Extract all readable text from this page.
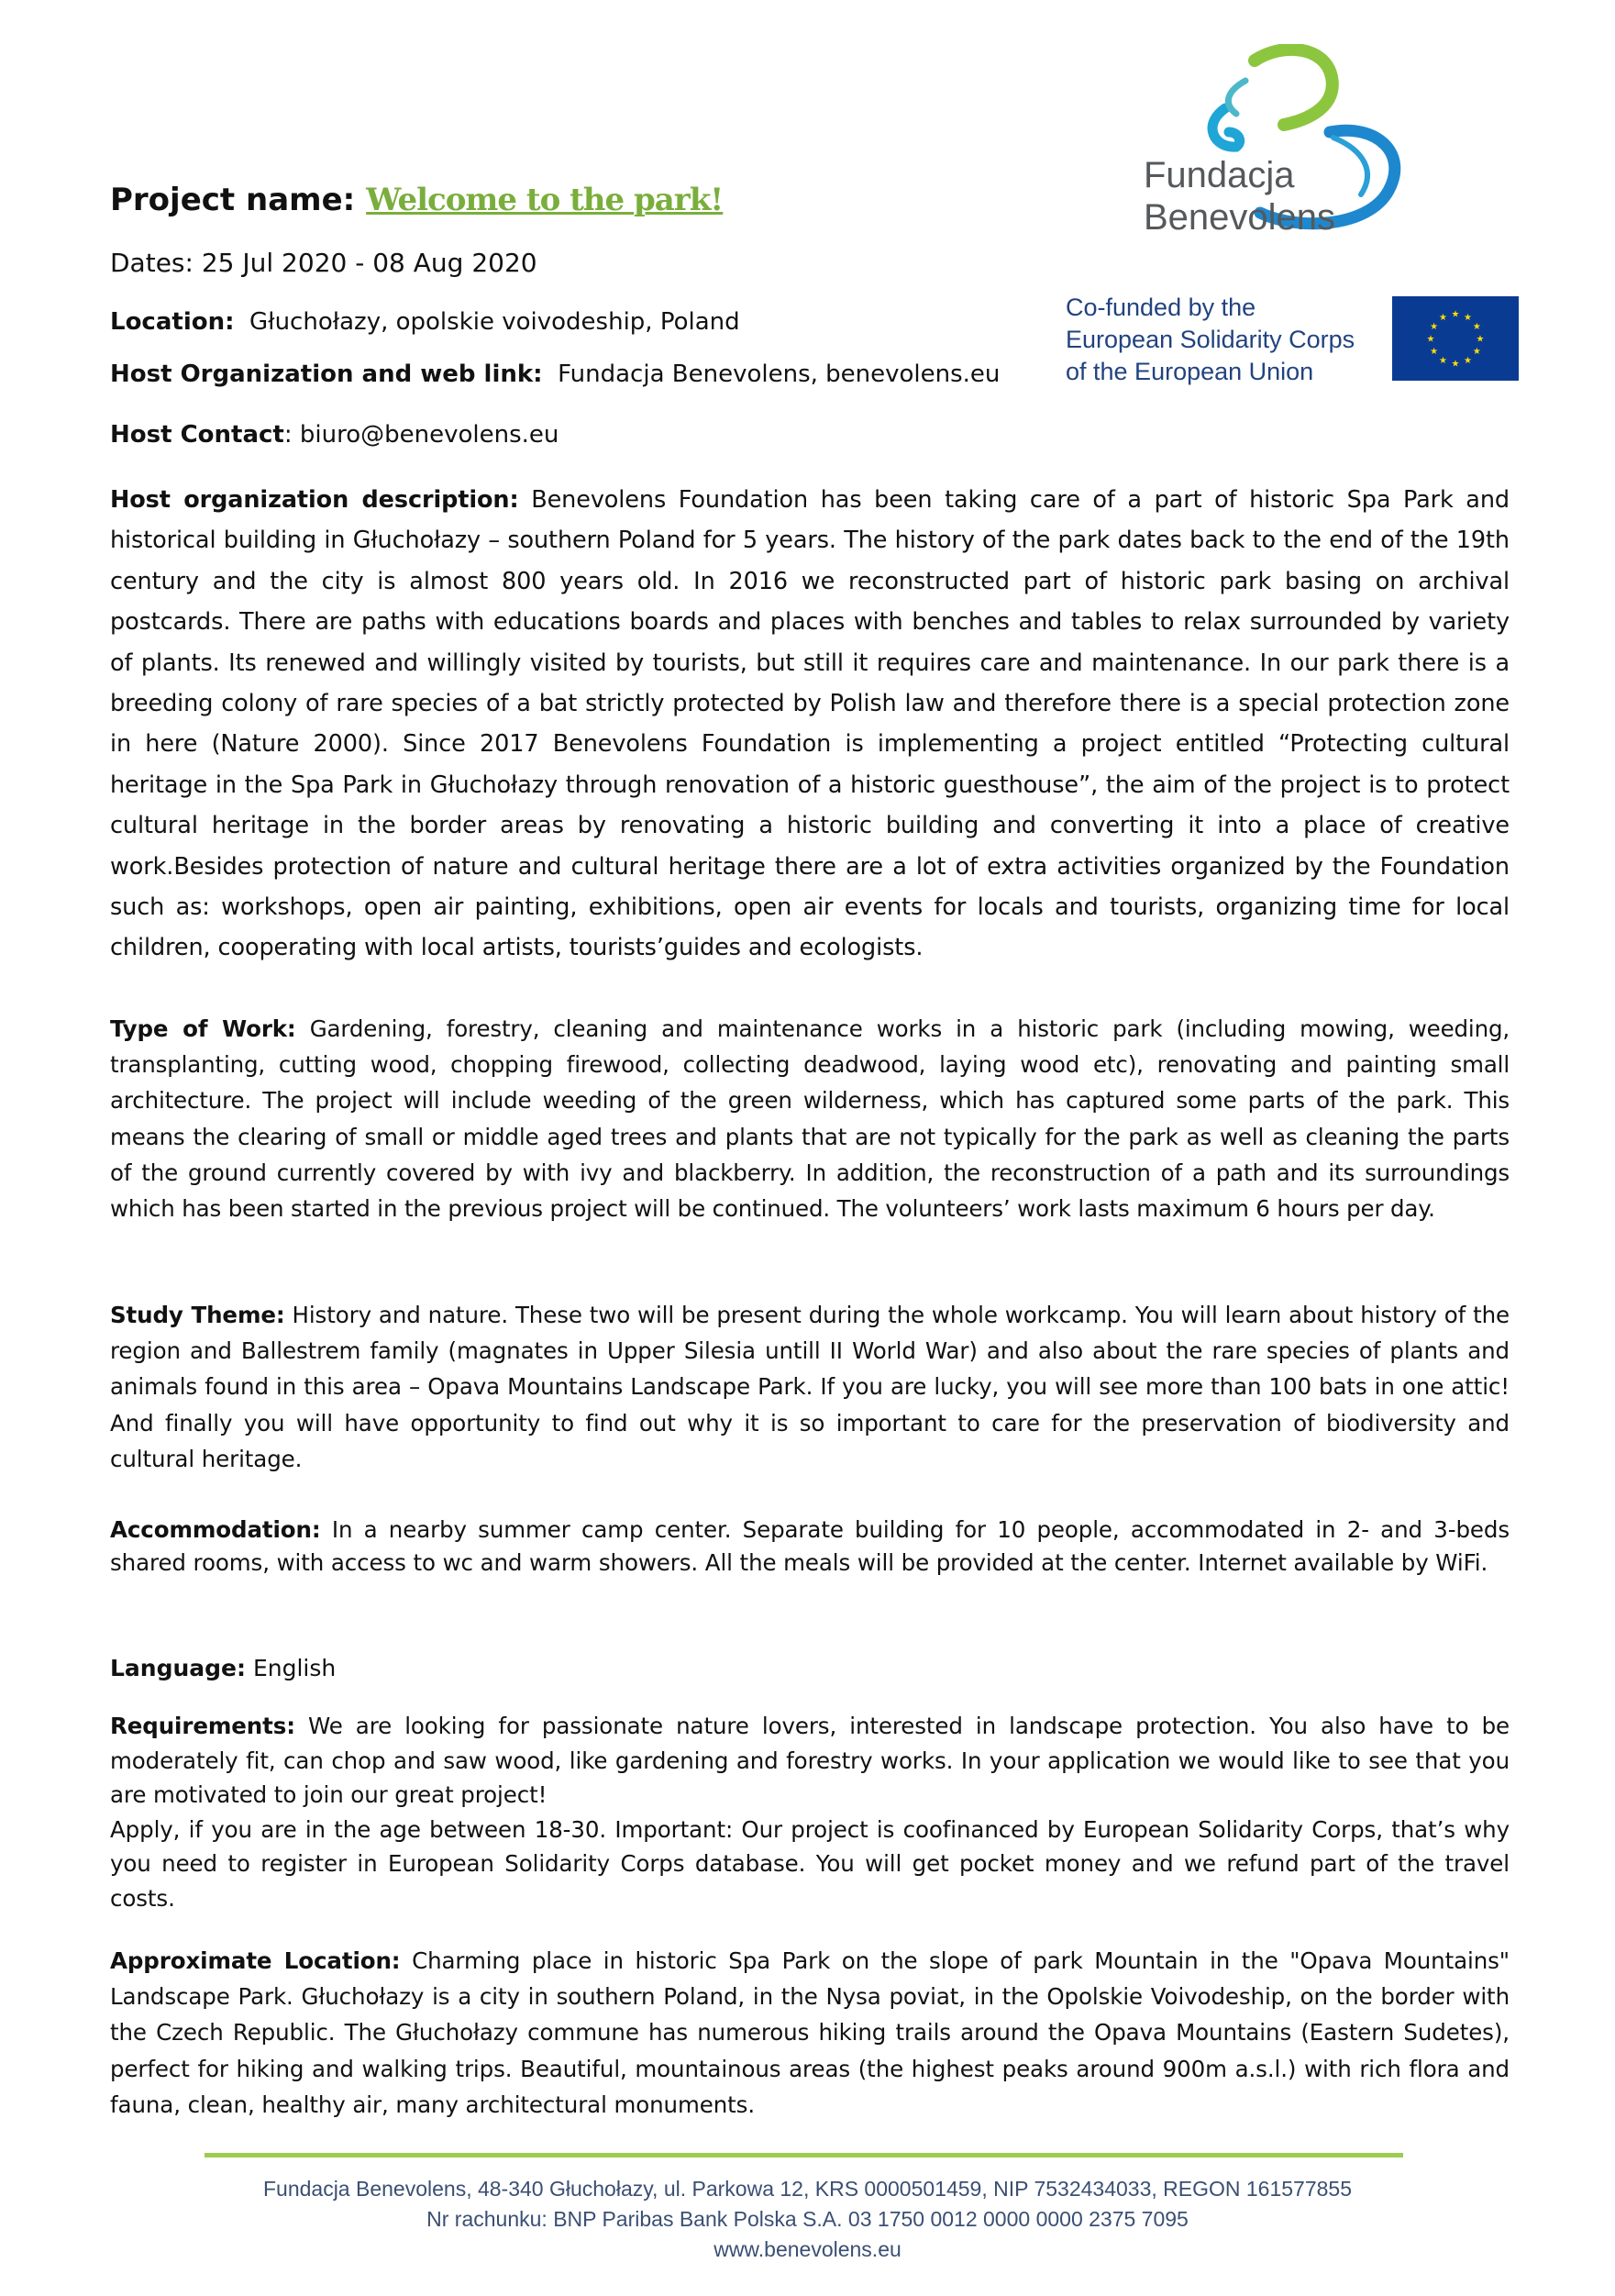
Fundacja
Benevolens
Co-funded by the
European Solidarity Corps
of the European Union
★ ★
★
★
★
★
★
★
★
★
★
★
Project name: Welcome to the park!
Dates: 25 Jul 2020 - 08 Aug 2020
Location: Głuchołazy, opolskie voivodeship, Poland
Host Organization and web link: Fundacja Benevolens, benevolens.eu
Host Contact: biuro@benevolens.eu

Host organization description: Benevolens Foundation has been taking care of a part of historic Spa Park and historical building in Głuchołazy – southern Poland for 5 years. The history of the park dates back to the end of the 19th century and the city is almost 800 years old. In 2016 we reconstructed part of historic park basing on archival postcards. There are paths with educations boards and places with benches and tables to relax surrounded by variety of plants. Its renewed and willingly visited by tourists, but still it requires care and maintenance. In our park there is a breeding colony of rare species of a bat strictly protected by Polish law and therefore there is a special protection zone in here (Nature 2000). Since 2017 Benevolens Foundation is implementing a project entitled “Protecting cultural heritage in the Spa Park in Głuchołazy through renovation of a historic guesthouse”, the aim of the project is to protect cultural heritage in the border areas by renovating a historic building and converting it into a place of creative work.Besides protection of nature and cultural heritage there are a lot of extra activities organized by the Foundation such as: workshops, open air painting, exhibitions, open air events for locals and tourists, organizing time for local children, cooperating with local artists, tourists’guides and ecologists.

Type of Work: Gardening, forestry, cleaning and maintenance works in a historic park (including mowing, weeding, transplanting, cutting wood, chopping firewood, collecting deadwood, laying wood etc), renovating and painting small architecture. The project will include weeding of the green wilderness, which has captured some parts of the park. This means the clearing of small or middle aged trees and plants that are not typically for the park as well as cleaning the parts of the ground currently covered by with ivy and blackberry. In addition, the reconstruction of a path and its surroundings which has been started in the previous project will be continued. The volunteers’ work lasts maximum 6 hours per day.

Study Theme: History and nature. These two will be present during the whole workcamp. You will learn about history of the region and Ballestrem family (magnates in Upper Silesia untill II World War) and also about the rare species of plants and animals found in this area – Opava Mountains Landscape Park. If you are lucky, you will see more than 100 bats in one attic! And finally you will have opportunity to find out why it is so important to care for the preservation of biodiversity and cultural heritage.

Accommodation: In a nearby summer camp center. Separate building for 10 people, accommodated in 2- and 3-beds shared rooms, with access to wc and warm showers. All the meals will be provided at the center. Internet available by WiFi.

Language: English

Requirements: We are looking for passionate nature lovers, interested in landscape protection. You also have to be moderately fit, can chop and saw wood, like gardening and forestry works. In your application we would like to see that you are motivated to join our great project!
Apply, if you are in the age between 18-30. Important: Our project is coofinanced by European Solidarity Corps, that’s why you need to register in European Solidarity Corps database. You will get pocket money and we refund part of the travel costs.

Approximate Location: Charming place in historic Spa Park on the slope of park Mountain in the "Opava Mountains" Landscape Park. Głuchołazy is a city in southern Poland, in the Nysa poviat, in the Opolskie Voivodeship, on the border with the Czech Republic. The Głuchołazy commune has numerous hiking trails around the Opava Mountains (Eastern Sudetes), perfect for hiking and walking trips. Beautiful, mountainous areas (the highest peaks around 900m a.s.l.) with rich flora and fauna, clean, healthy air, many architectural monuments.

Fundacja Benevolens, 48-340 Głuchołazy, ul. Parkowa 12, KRS 0000501459, NIP 7532434033, REGON 161577855
Nr rachunku: BNP Paribas Bank Polska S.A. 03 1750 0012 0000 0000 2375 7095
www.benevolens.eu
